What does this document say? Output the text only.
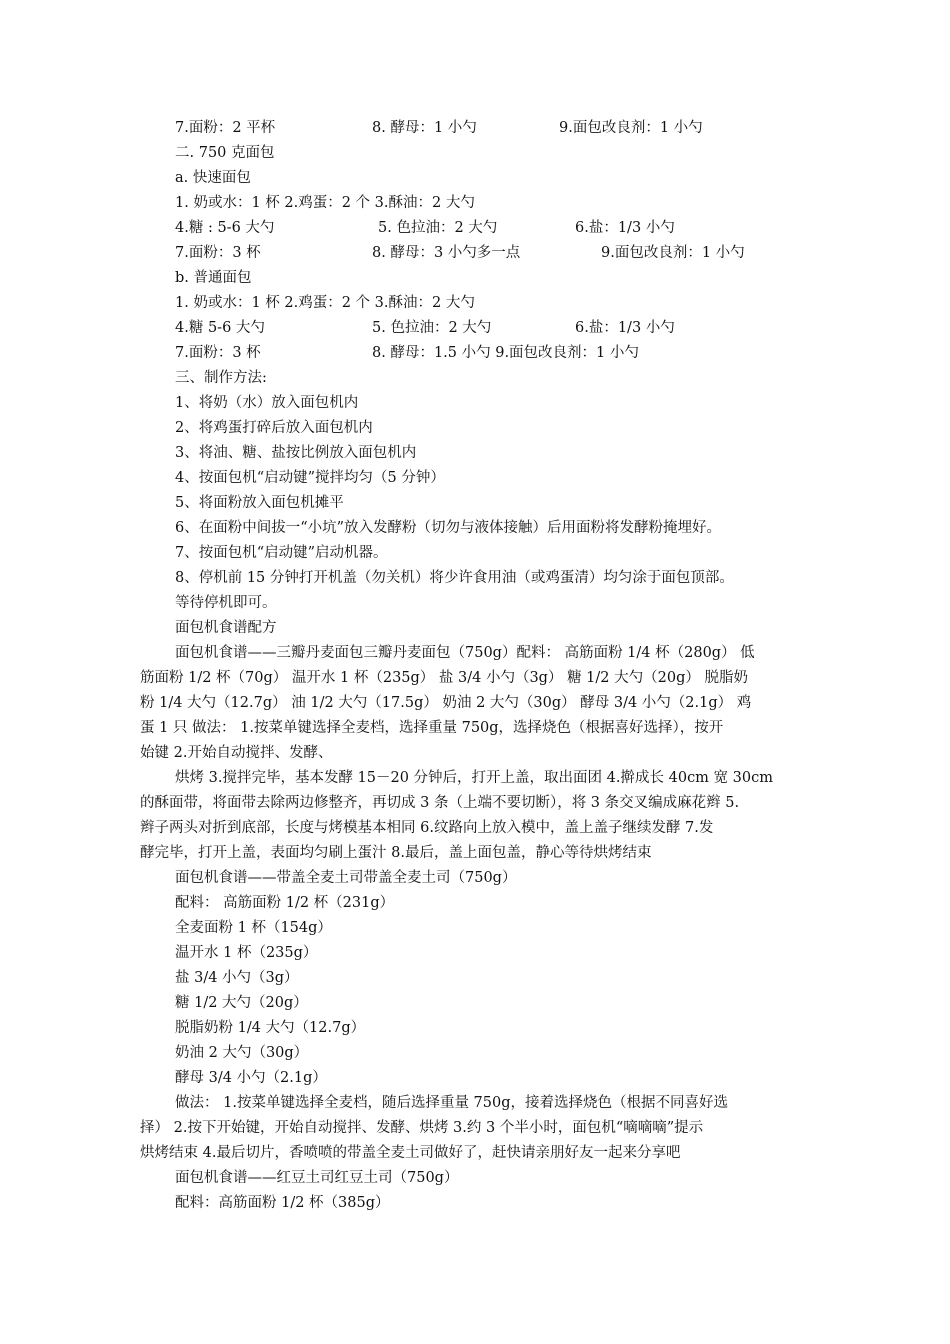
7.面粉：2 平杯	8. 酵母：1 小勺	9.面包改良剂：1 小勺
二. 750 克面包
a. 快速面包
1. 奶或水：1 杯 2.鸡蛋：2 个 3.酥油：2 大勺
4.糖 : 5-6 大勺	5. 色拉油：2 大勺	6.盐：1/3 小勺
7.面粉：3 杯	8. 酵母：3 小勺多一点	9.面包改良剂：1 小勺
b. 普通面包
1. 奶或水：1 杯 2.鸡蛋：2 个 3.酥油：2 大勺
4.糖 5-6 大勺	5. 色拉油：2 大勺	6.盐：1/3 小勺
7.面粉：3 杯	8. 酵母：1.5 小勺 9.面包改良剂：1 小勺
三、制作方法:
1、将奶（水）放入面包机内
2、将鸡蛋打碎后放入面包机内
3、将油、糖、盐按比例放入面包机内
4、按面包机“启动键”搅拌均匀（5 分钟）
5、将面粉放入面包机摊平
6、在面粉中间拔一“小坑”放入发酵粉（切勿与液体接触）后用面粉将发酵粉掩埋好。
7、按面包机“启动键”启动机器。
8、停机前 15 分钟打开机盖（勿关机）将少许食用油（或鸡蛋清）均匀涂于面包顶部。
等待停机即可。
面包机食谱配方
面包机食谱——三瓣丹麦面包三瓣丹麦面包（750g）配料： 高筋面粉 1/4 杯（280g） 低
筋面粉 1/2 杯（70g） 温开水 1 杯（235g） 盐 3/4 小勺（3g） 糖 1/2 大勺（20g） 脱脂奶
粉 1/4 大勺（12.7g） 油 1/2 大勺（17.5g） 奶油 2 大勺（30g） 酵母 3/4 小勺（2.1g） 鸡
蛋 1 只 做法： 1.按菜单键选择全麦档，选择重量 750g，选择烧色（根据喜好选择），按开
始键 2.开始自动搅拌、发酵、
烘烤 3.搅拌完毕，基本发酵 15－20 分钟后，打开上盖，取出面团 4.擀成长 40cm 宽 30cm
的酥面带，将面带去除两边修整齐，再切成 3 条（上端不要切断），将 3 条交叉编成麻花辫 5.
辫子两头对折到底部，长度与烤模基本相同 6.纹路向上放入模中，盖上盖子继续发酵 7.发
酵完毕，打开上盖，表面均匀刷上蛋汁 8.最后，盖上面包盖，静心等待烘烤结束
面包机食谱——带盖全麦土司带盖全麦土司（750g）
配料： 高筋面粉 1/2 杯（231g）
全麦面粉 1 杯（154g）
温开水 1 杯（235g）
盐 3/4 小勺（3g）
糖 1/2 大勺（20g）
脱脂奶粉 1/4 大勺（12.7g）
奶油 2 大勺（30g）
酵母 3/4 小勺（2.1g）
做法： 1.按菜单键选择全麦档，随后选择重量 750g，接着选择烧色（根据不同喜好选
择） 2.按下开始键，开始自动搅拌、发酵、烘烤 3.约 3 个半小时，面包机“嘀嘀嘀”提示
烘烤结束 4.最后切片，香喷喷的带盖全麦土司做好了，赶快请亲朋好友一起来分享吧
面包机食谱——红豆土司红豆土司（750g）
配料：高筋面粉 1/2 杯（385g）
